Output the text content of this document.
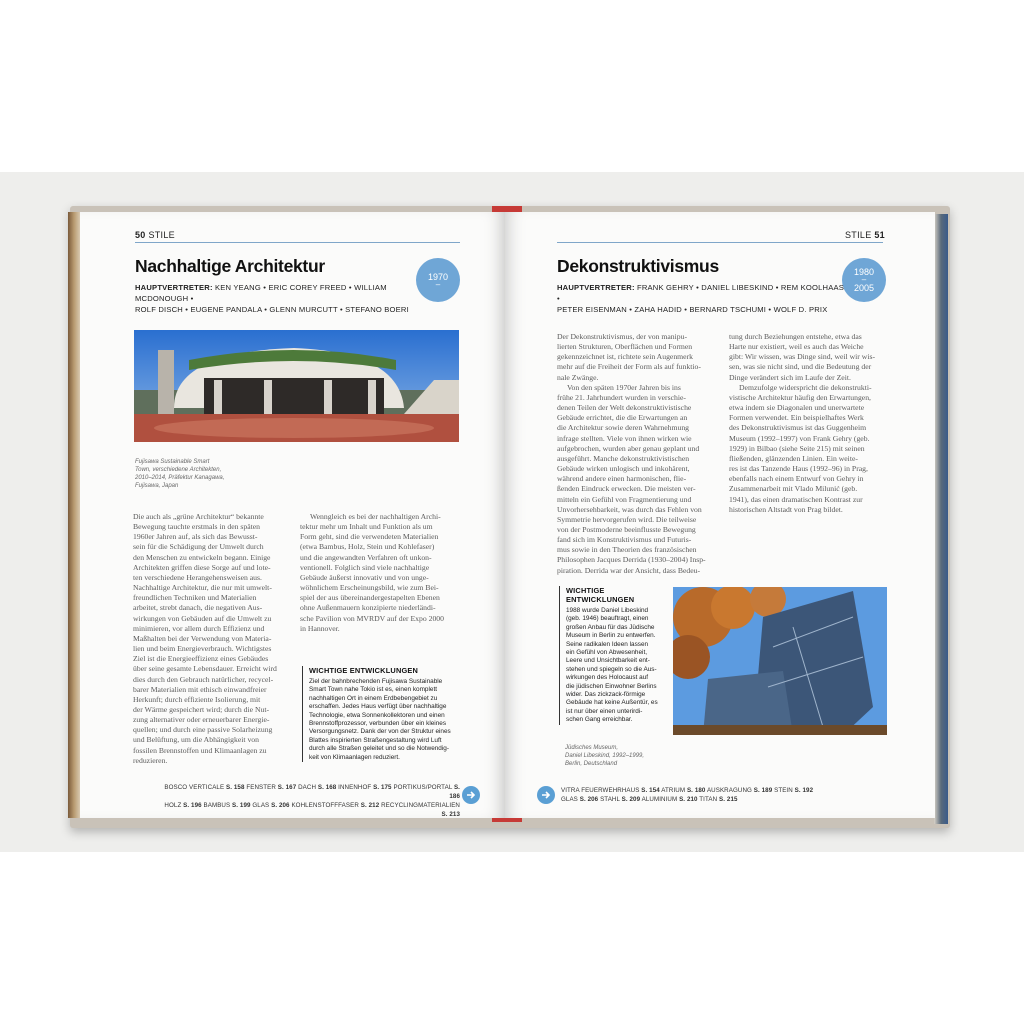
50 STILE
Nachhaltige Architektur
1970
–
HAUPTVERTRETER: KEN YEANG • ERIC COREY FREED • WILLIAM MCDONOUGH •
ROLF DISCH • EUGENE PANDALA • GLENN MURCUTT • STEFANO BOERI
Fujisawa Sustainable Smart
Town, verschiedene Architekten,
2010–2014, Präfektur Kanagawa,
Fujisawa, Japan
Die auch als „grüne Architektur“ bekannte
Bewegung tauchte erstmals in den späten
1960er Jahren auf, als sich das Bewusst-
sein für die Schädigung der Umwelt durch
den Menschen zu entwickeln begann. Einige
Architekten griffen diese Sorge auf und lote-
ten verschiedene Herangehensweisen aus.
Nachhaltige Architektur, die nur mit umwelt-
freundlichen Techniken und Materialien
arbeitet, strebt danach, die negativen Aus-
wirkungen von Gebäuden auf die Umwelt zu
minimieren, vor allem durch Effizienz und
Maßhalten bei der Verwendung von Materia-
lien und beim Energieverbrauch. Wichtigstes
Ziel ist die Energieeffizienz eines Gebäudes
über seine gesamte Lebensdauer. Erreicht wird
dies durch den Gebrauch natürlicher, recycel-
barer Materialien mit ethisch einwandfreier
Herkunft; durch effiziente Isolierung, mit
der Wärme gespeichert wird; durch die Nut-
zung alternativer oder erneuerbarer Energie-
quellen; und durch eine passive Solarheizung
und Belüftung, um die Abhängigkeit von
fossilen Brennstoffen und Klimaanlagen zu
reduzieren.
Wenngleich es bei der nachhaltigen Archi-
tektur mehr um Inhalt und Funktion als um
Form geht, sind die verwendeten Materialien
(etwa Bambus, Holz, Stein und Kohlefaser)
und die angewandten Verfahren oft unkon-
ventionell. Folglich sind viele nachhaltige
Gebäude äußerst innovativ und von unge-
wöhnlichem Erscheinungsbild, wie zum Bei-
spiel der aus übereinandergestapelten Ebenen
ohne Außenmauern konzipierte niederländi-
sche Pavilion von MVRDV auf der Expo 2000
in Hannover.
WICHTIGE ENTWICKLUNGEN
Ziel der bahnbrechenden Fujisawa Sustainable
Smart Town nahe Tokio ist es, einen komplett
nachhaltigen Ort in einem Erdbebengebiet zu
erschaffen. Jedes Haus verfügt über nachhaltige
Technologie, etwa Sonnenkollektoren und einen
Brennstoffprozessor, verbunden über ein kleines
Versorgungsnetz. Dank der von der Struktur eines
Blattes inspirierten Straßengestaltung wird Luft
durch alle Straßen geleitet und so die Notwendig-
keit von Klimaanlagen reduziert.
BOSCO VERTICALE S. 158 FENSTER S. 167 DACH S. 168 INNENHOF S. 175 PORTIKUS/PORTAL S. 186
HOLZ S. 196 BAMBUS S. 199 GLAS S. 206 KOHLENSTOFFFASER S. 212 RECYCLINGMATERIALIEN S. 213
STILE 51
Dekonstruktivismus	1980
–
2005
HAUPTVERTRETER: FRANK GEHRY • DANIEL LIBESKIND • REM KOOLHAAS •
PETER EISENMAN • ZAHA HADID • BERNARD TSCHUMI • WOLF D. PRIX
Der Dekonstruktivismus, der von manipu-
lierten Strukturen, Oberflächen und Formen
gekennzeichnet ist, richtete sein Augenmerk
mehr auf die Freiheit der Form als auf funktio-
nale Zwänge.
Von den späten 1970er Jahren bis ins
frühe 21. Jahrhundert wurden in verschie-
denen Teilen der Welt dekonstruktivistische
Gebäude errichtet, die die Erwartungen an
die Architektur sowie deren Wahrnehmung
infrage stellten. Viele von ihnen wirken wie
aufgebrochen, wurden aber genau geplant und
ausgeführt. Manche dekonstruktivistischen
Gebäude wirken unlogisch und inkohärent,
während andere einen harmonischen, flie-
ßenden Eindruck erwecken. Die meisten ver-
mitteln ein Gefühl von Fragmentierung und
Unvorhersehbarkeit, was durch das Fehlen von
Symmetrie hervorgerufen wird. Die teilweise
von der Postmoderne beeinflusste Bewegung
fand sich im Konstruktivismus und Futuris-
mus sowie in den Theorien des französischen
Philosophen Jacques Derrida (1930–2004) Insp-
piration. Derrida war der Ansicht, dass Bedeu-
tung durch Beziehungen entstehe, etwa das
Harte nur existiert, weil es auch das Weiche
gibt: Wir wissen, was Dinge sind, weil wir wis-
sen, was sie nicht sind, und die Bedeutung der
Dinge verändert sich im Laufe der Zeit.
Demzufolge widerspricht die dekonstrukti-
vistische Architektur häufig den Erwartungen,
etwa indem sie Diagonalen und unerwartete
Formen verwendet. Ein beispielhaftes Werk
des Dekonstruktivismus ist das Guggenheim
Museum (1992–1997) von Frank Gehry (geb.
1929) in Bilbao (siehe Seite 215) mit seinen
fließenden, glänzenden Linien. Ein weite-
res ist das Tanzende Haus (1992–96) in Prag,
ebenfalls nach einem Entwurf von Gehry in
Zusammenarbeit mit Vlado Milunić (geb.
1941), das einen dramatischen Kontrast zur
historischen Altstadt von Prag bildet.
WICHTIGE ENTWICKLUNGEN
1988 wurde Daniel Libeskind
(geb. 1946) beauftragt, einen
großen Anbau für das Jüdische
Museum in Berlin zu entwerfen.
Seine radikalen Ideen lassen
ein Gefühl von Abwesenheit,
Leere und Unsichtbarkeit ent-
stehen und spiegeln so die Aus-
wirkungen des Holocaust auf
die jüdischen Einwohner Berlins
wider. Das zickzack-förmige
Gebäude hat keine Außentür, es
ist nur über einen unterirdi-
schen Gang erreichbar.
Jüdisches Museum,
Daniel Libeskind, 1992–1999,
Berlin, Deutschland
VITRA FEUERWEHRHAUS S. 154 ATRIUM S. 180 AUSKRAGUNG S. 189 STEIN S. 192
GLAS S. 206 STAHL S. 209 ALUMINIUM S. 210 TITAN S. 215
